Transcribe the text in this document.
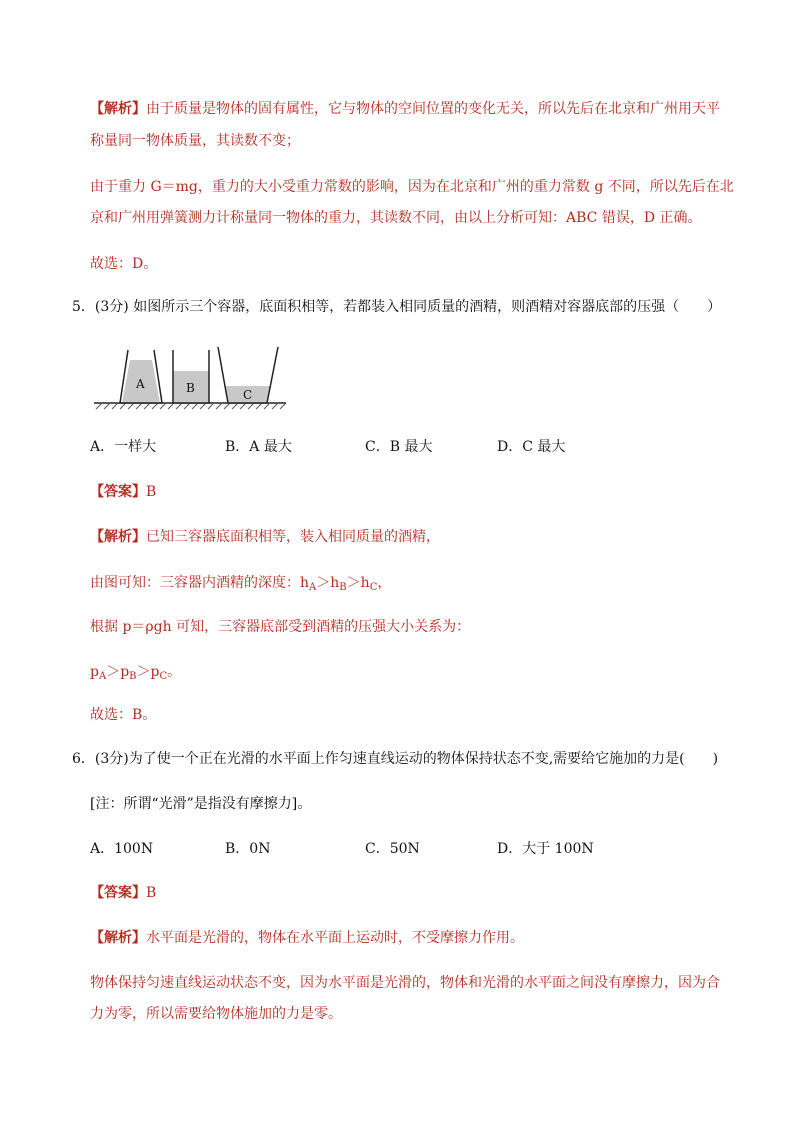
【解析】由于质量是物体的固有属性，它与物体的空间位置的变化无关，所以先后在北京和广州用天平
称量同一物体质量，其读数不变；
由于重力 G＝mg，重力的大小受重力常数的影响，因为在北京和广州的重力常数 g 不同，所以先后在北
京和广州用弹簧测力计称量同一物体的重力，其读数不同，由以上分析可知：ABC 错误，D 正确。
故选：D。
5．(3分) 如图所示三个容器，底面积相等，若都装入相同质量的酒精，则酒精对容器底部的压强（　　）
A	B	C
A．一样大	B．A 最大	C．B 最大	D．C 最大
【答案】B
【解析】已知三容器底面积相等，装入相同质量的酒精，
由图可知：三容器内酒精的深度：$h_A>h_B>h_C$，
根据 p＝ρgh 可知，三容器底部受到酒精的压强大小关系为：
$p_A>p_B>p_C$。
故选：B。
6．(3分)为了使一个正在光滑的水平面上作匀速直线运动的物体保持状态不变,需要给它施加的力是(　　)
[注：所谓“光滑”是指没有摩擦力]。
A．100N	B．0N	C．50N	D．大于 100N
【答案】B
【解析】水平面是光滑的，物体在水平面上运动时，不受摩擦力作用。
物体保持匀速直线运动状态不变，因为水平面是光滑的，物体和光滑的水平面之间没有摩擦力，因为合
力为零，所以需要给物体施加的力是零。
